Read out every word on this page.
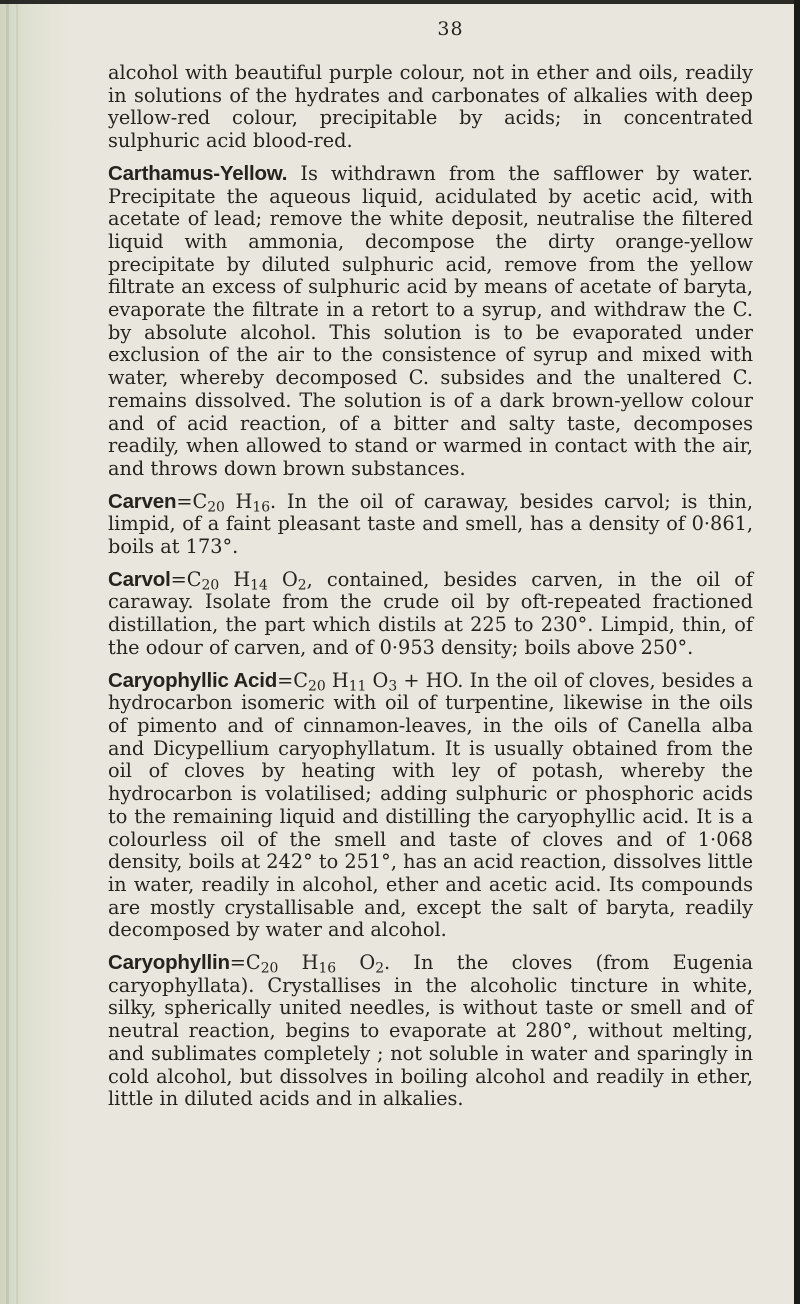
38

alcohol with beautiful purple colour, not in ether and oils, readily in solutions of the hydrates and carbonates of alkalies with deep yellow-red colour, precipitable by acids; in concentrated sulphuric acid blood-red.

Carthamus-Yellow. Is withdrawn from the safflower by water. Precipitate the aqueous liquid, acidulated by acetic acid, with acetate of lead; remove the white deposit, neutralise the filtered liquid with ammonia, decompose the dirty orange-yellow precipitate by diluted sulphuric acid, remove from the yellow filtrate an excess of sulphuric acid by means of acetate of baryta, evaporate the filtrate in a retort to a syrup, and withdraw the C. by absolute alcohol. This solution is to be evaporated under exclusion of the air to the consistence of syrup and mixed with water, whereby decomposed C. subsides and the unaltered C. remains dissolved. The solution is of a dark brown-yellow colour and of acid reaction, of a bitter and salty taste, decomposes readily, when allowed to stand or warmed in contact with the air, and throws down brown substances.

$Carven=C_{20}$ $H_{16}$. In the oil of caraway, besides carvol; is thin, limpid, of a faint pleasant taste and smell, has a density of 0·861, boils at 173°.

$Carvol=C_{20}$ $H_{14}$ $O_2$, contained, besides carven, in the oil of caraway. Isolate from the crude oil by oft-repeated fractioned distillation, the part which distils at 225 to 230°. Limpid, thin, of the odour of carven, and of 0·953 density; boils above 250°.

Caryophyllic $Acid=C_{20}$ $H_{11}$ $O_3$ + HO. In the oil of cloves, besides a hydrocarbon isomeric with oil of turpentine, likewise in the oils of pimento and of cinnamon-leaves, in the oils of Canella alba and Dicypellium caryophyllatum. It is usually obtained from the oil of cloves by heating with ley of potash, whereby the hydrocarbon is volatilised; adding sulphuric or phosphoric acids to the remaining liquid and distilling the caryophyllic acid. It is a colourless oil of the smell and taste of cloves and of 1·068 density, boils at 242° to 251°, has an acid reaction, dissolves little in water, readily in alcohol, ether and acetic acid. Its compounds are mostly crystallisable and, except the salt of baryta, readily decomposed by water and alcohol.

$Caryophyllin=C_{20}$ $H_{16}$ $O_2$. In the cloves (from Eugenia caryophyllata). Crystallises in the alcoholic tincture in white, silky, spherically united needles, is without taste or smell and of neutral reaction, begins to evaporate at 280°, without melting, and sublimates completely ; not soluble in water and sparingly in cold alcohol, but dissolves in boiling alcohol and readily in ether, little in diluted acids and in alkalies.
